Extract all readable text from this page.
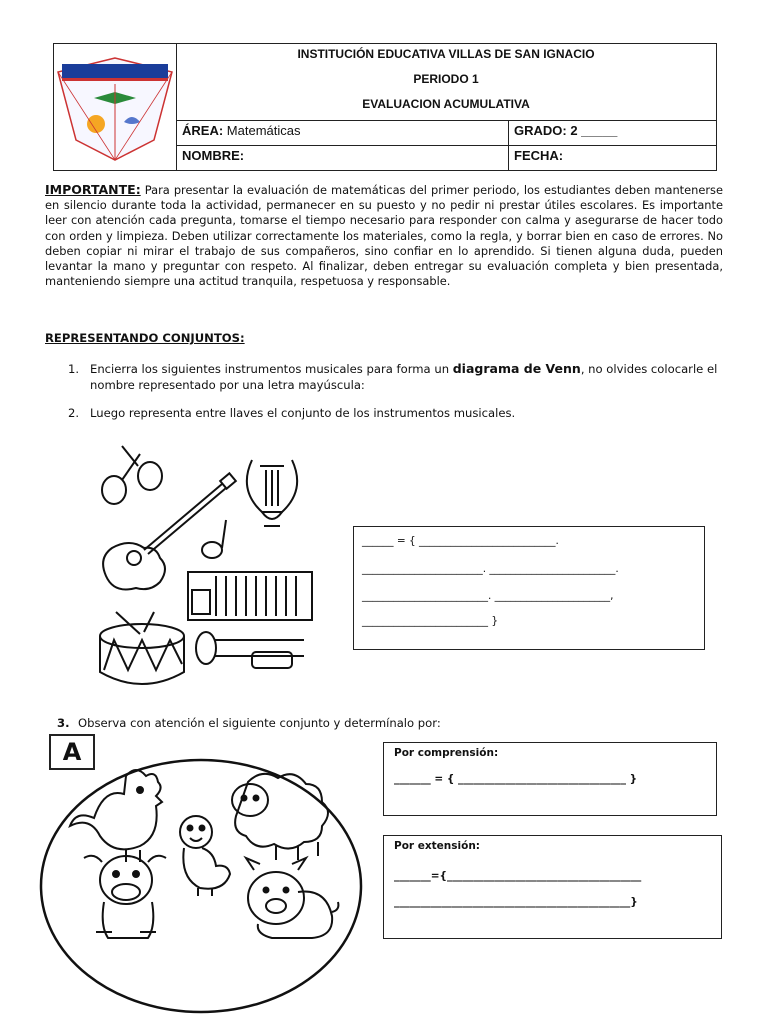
INSTITUCIÓN EDUCATIVA VILLAS DE SAN IGNACIO
PERIODO 1
EVALUACION ACUMULATIVA
ÁREA: Matemáticas	GRADO: 2 _____
NOMBRE:	FECHA:
IMPORTANTE: Para presentar la evaluación de matemáticas del primer periodo, los estudiantes deben mantenerse en silencio durante toda la actividad, permanecer en su puesto y no pedir ni prestar útiles escolares. Es importante leer con atención cada pregunta, tomarse el tiempo necesario para responder con calma y asegurarse de hacer todo con orden y limpieza. Deben utilizar correctamente los materiales, como la regla, y borrar bien en caso de errores. No deben copiar ni mirar el trabajo de sus compañeros, sino confiar en lo aprendido. Si tienen alguna duda, pueden levantar la mano y preguntar con respeto. Al finalizar, deben entregar su evaluación completa y bien presentada, manteniendo siempre una actitud tranquila, respetuosa y responsable.
REPRESENTANDO CONJUNTOS:
1. Encierra los siguientes instrumentos musicales para forma un diagrama de Venn, no olvides colocarle el nombre representado por una letra mayúscula:
2. Luego representa entre llaves el conjunto de los instrumentos musicales.
______ = { __________________________.
_______________________. ________________________.
________________________. ______________________,
________________________ }
3. Observa con atención el siguiente conjunto y determínalo por:
A	Por comprensión:
_______ = { ________________________________ }
Por extensión:
_______={_____________________________________
_____________________________________________}
